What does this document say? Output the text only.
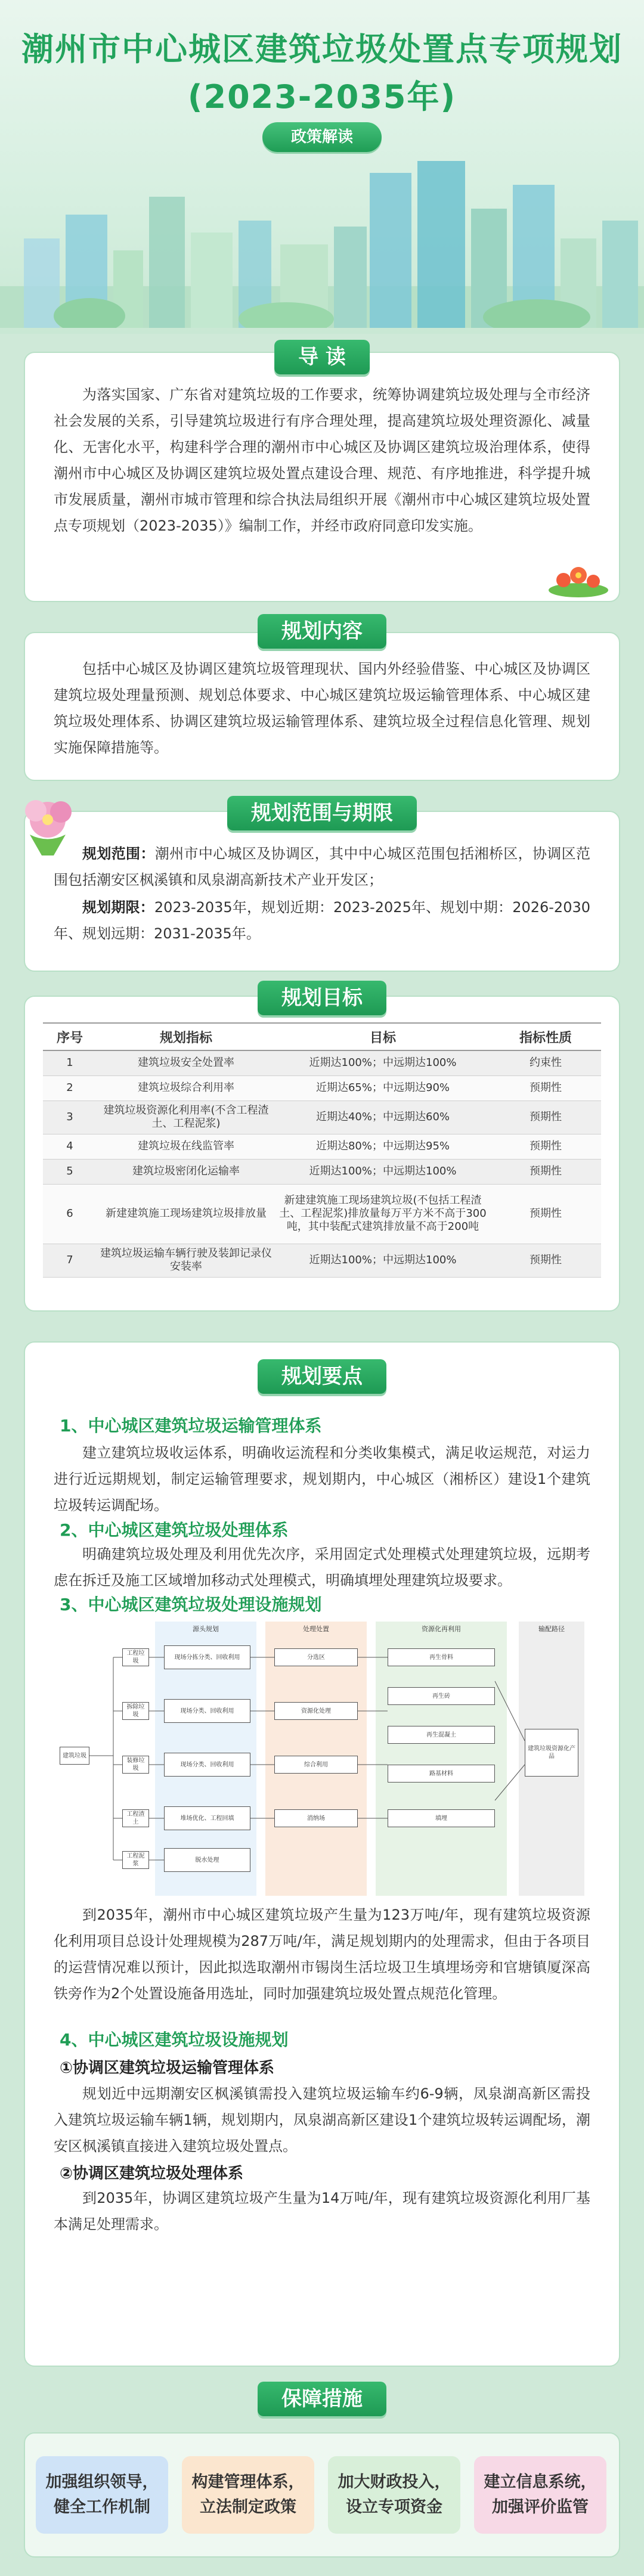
潮州市中心城区建筑垃圾处置点专项规划
(2023-2035年)
政策解读
导 读
为落实国家、广东省对建筑垃圾的工作要求，统筹协调建筑垃圾处理与全市经济社会发展的关系，引导建筑垃圾进行有序合理处理，提高建筑垃圾处理资源化、减量化、无害化水平，构建科学合理的潮州市中心城区及协调区建筑垃圾治理体系，使得潮州市中心城区及协调区建筑垃圾处置点建设合理、规范、有序地推进，科学提升城市发展质量，潮州市城市管理和综合执法局组织开展《潮州市中心城区建筑垃圾处置点专项规划（2023-2035）》编制工作，并经市政府同意印发实施。
规划内容
包括中心城区及协调区建筑垃圾管理现状、国内外经验借鉴、中心城区及协调区建筑垃圾处理量预测、规划总体要求、中心城区建筑垃圾运输管理体系、中心城区建筑垃圾处理体系、协调区建筑垃圾运输管理体系、建筑垃圾全过程信息化管理、规划实施保障措施等。
规划范围与期限
规划范围：潮州市中心城区及协调区，其中中心城区范围包括湘桥区，协调区范围包括潮安区枫溪镇和凤泉湖高新技术产业开发区；
规划期限：2023-2035年，规划近期：2023-2025年、规划中期：2026-2030年、规划远期：2031-2035年。
规划目标
序号	规划指标	目标	指标性质
1	建筑垃圾安全处置率	近期达100%；中远期达100%	约束性
2	建筑垃圾综合利用率	近期达65%；中远期达90%	预期性
3	建筑垃圾资源化利用率(不含工程渣土、工程泥浆)	近期达40%；中远期达60%	预期性
4	建筑垃圾在线监管率	近期达80%；中远期达95%	预期性
5	建筑垃圾密闭化运输率	近期达100%；中远期达100%	预期性
6	新建建筑施工现场建筑垃圾排放量	新建建筑施工现场建筑垃圾(不包括工程渣土、工程泥浆)排放量每万平方米不高于300吨，其中装配式建筑排放量不高于200吨	预期性
7	建筑垃圾运输车辆行驶及装卸记录仪安装率	近期达100%；中远期达100%	预期性
规划要点
1、中心城区建筑垃圾运输管理体系
建立建筑垃圾收运体系，明确收运流程和分类收集模式，满足收运规范，对运力进行近远期规划，制定运输管理要求，规划期内，中心城区（湘桥区）建设1个建筑垃圾转运调配场。
2、中心城区建筑垃圾处理体系
明确建筑垃圾处理及利用优先次序，采用固定式处理模式处理建筑垃圾，远期考虑在拆迁及施工区域增加移动式处理模式，明确填埋处理建筑垃圾要求。
3、中心城区建筑垃圾处理设施规划
源头规划	处理处置	资源化再利用	输配路径
建筑垃圾
工程垃圾
拆除垃圾
装修垃圾
工程渣土
工程泥浆
现场分拣分类、回收利用
现场分类、回收利用
现场分类、回收利用
堆场优化、工程回填
脱水处理
分选区
资源化处理
综合利用
消纳场
再生骨料
再生砖
再生混凝土
路基材料
填埋
建筑垃圾资源化产品
到2035年，潮州市中心城区建筑垃圾产生量为123万吨/年，现有建筑垃圾资源化利用项目总设计处理规模为287万吨/年，满足规划期内的处理需求，但由于各项目的运营情况难以预计，因此拟选取潮州市锡岗生活垃圾卫生填埋场旁和官塘镇厦深高铁旁作为2个处置设施备用选址，同时加强建筑垃圾处置点规范化管理。
4、中心城区建筑垃圾设施规划
①协调区建筑垃圾运输管理体系
规划近中远期潮安区枫溪镇需投入建筑垃圾运输车约6-9辆，凤泉湖高新区需投入建筑垃圾运输车辆1辆，规划期内，凤泉湖高新区建设1个建筑垃圾转运调配场，潮安区枫溪镇直接进入建筑垃圾处置点。
②协调区建筑垃圾处理体系
到2035年，协调区建筑垃圾产生量为14万吨/年，现有建筑垃圾资源化利用厂基本满足处理需求。
保障措施
加强组织领导，健全工作机制
构建管理体系，立法制定政策
加大财政投入，设立专项资金
建立信息系统，加强评价监管
